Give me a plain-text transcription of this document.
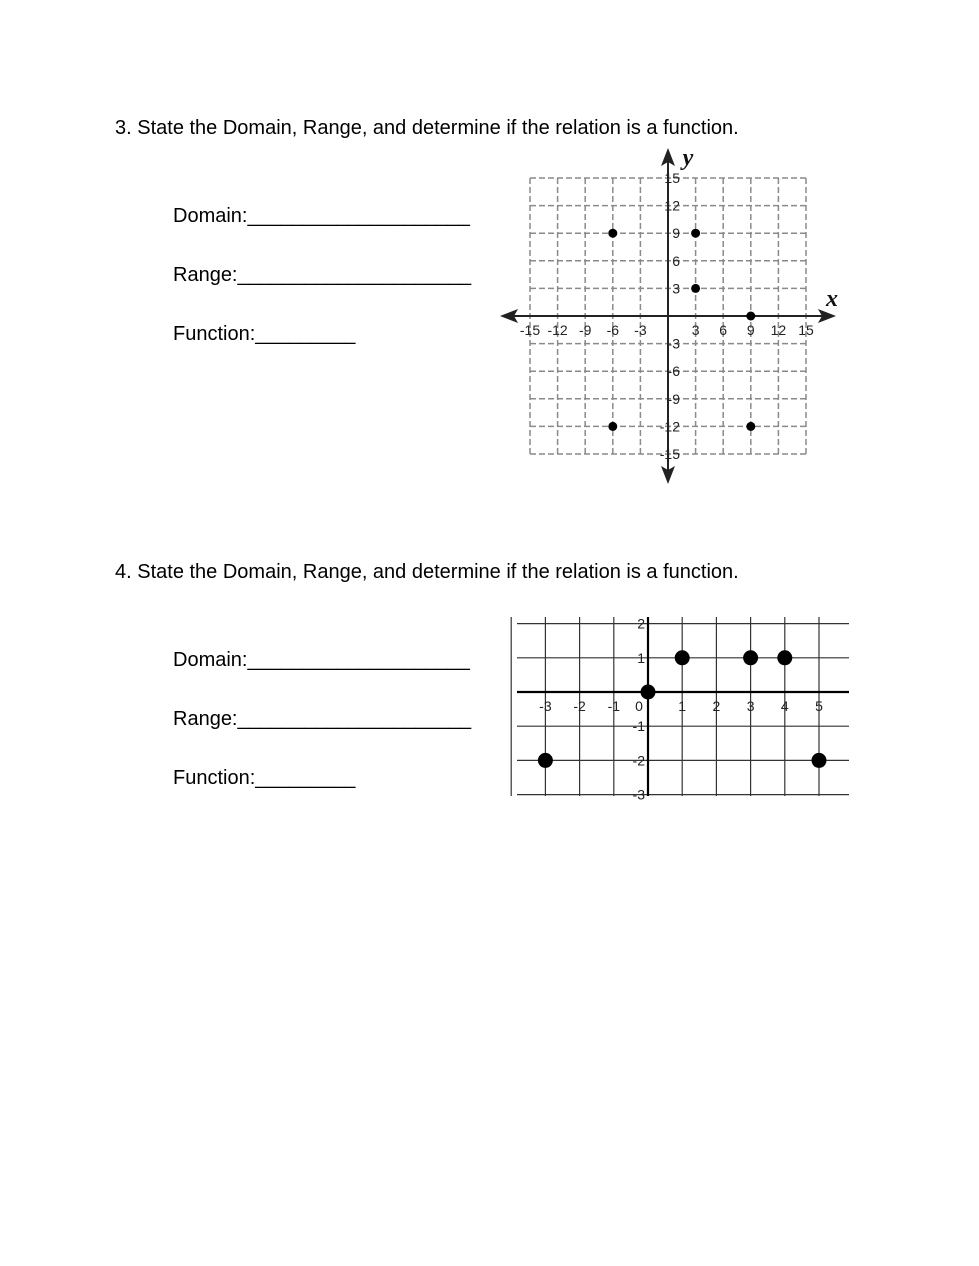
3. State the Domain, Range, and determine if the relation is a function.
Domain:____________________
Range:_____________________
Function:_________
x
y
-15 -12 -9 -6 -3	3 6 9 12 15
15
12
9
6
3
-3
-6
-9
-12
-15
4. State the Domain, Range, and determine if the relation is a function.
Domain:____________________
Range:_____________________
Function:_________
-3 -2 -1 0	1 2 3 4 5
2
1
-1
-2
-3
